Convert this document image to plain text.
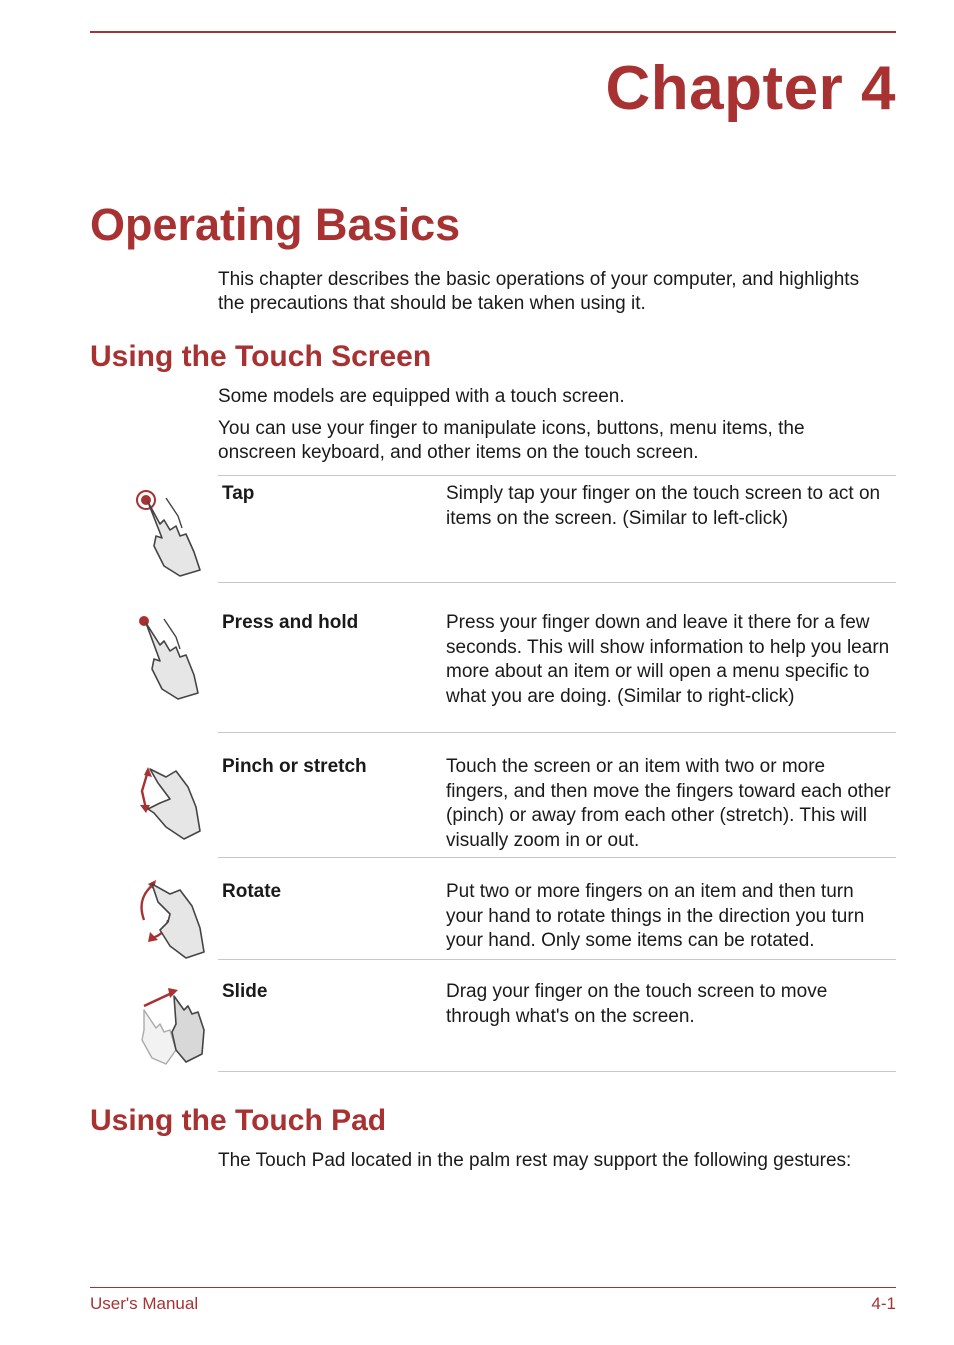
Chapter 4
Operating Basics
This chapter describes the basic operations of your computer, and highlights the precautions that should be taken when using it.
Using the Touch Screen
Some models are equipped with a touch screen.
You can use your finger to manipulate icons, buttons, menu items, the onscreen keyboard, and other items on the touch screen.
Tap	Simply tap your finger on the touch screen to act on items on the screen. (Similar to left-click)
Press and hold	Press your finger down and leave it there for a few seconds. This will show information to help you learn more about an item or will open a menu specific to what you are doing. (Similar to right-click)
Pinch or stretch	Touch the screen or an item with two or more fingers, and then move the fingers toward each other (pinch) or away from each other (stretch). This will visually zoom in or out.
Rotate	Put two or more fingers on an item and then turn your hand to rotate things in the direction you turn your hand. Only some items can be rotated.
Slide	Drag your finger on the touch screen to move through what's on the screen.
Using the Touch Pad
The Touch Pad located in the palm rest may support the following gestures:
User's Manual	4-1
